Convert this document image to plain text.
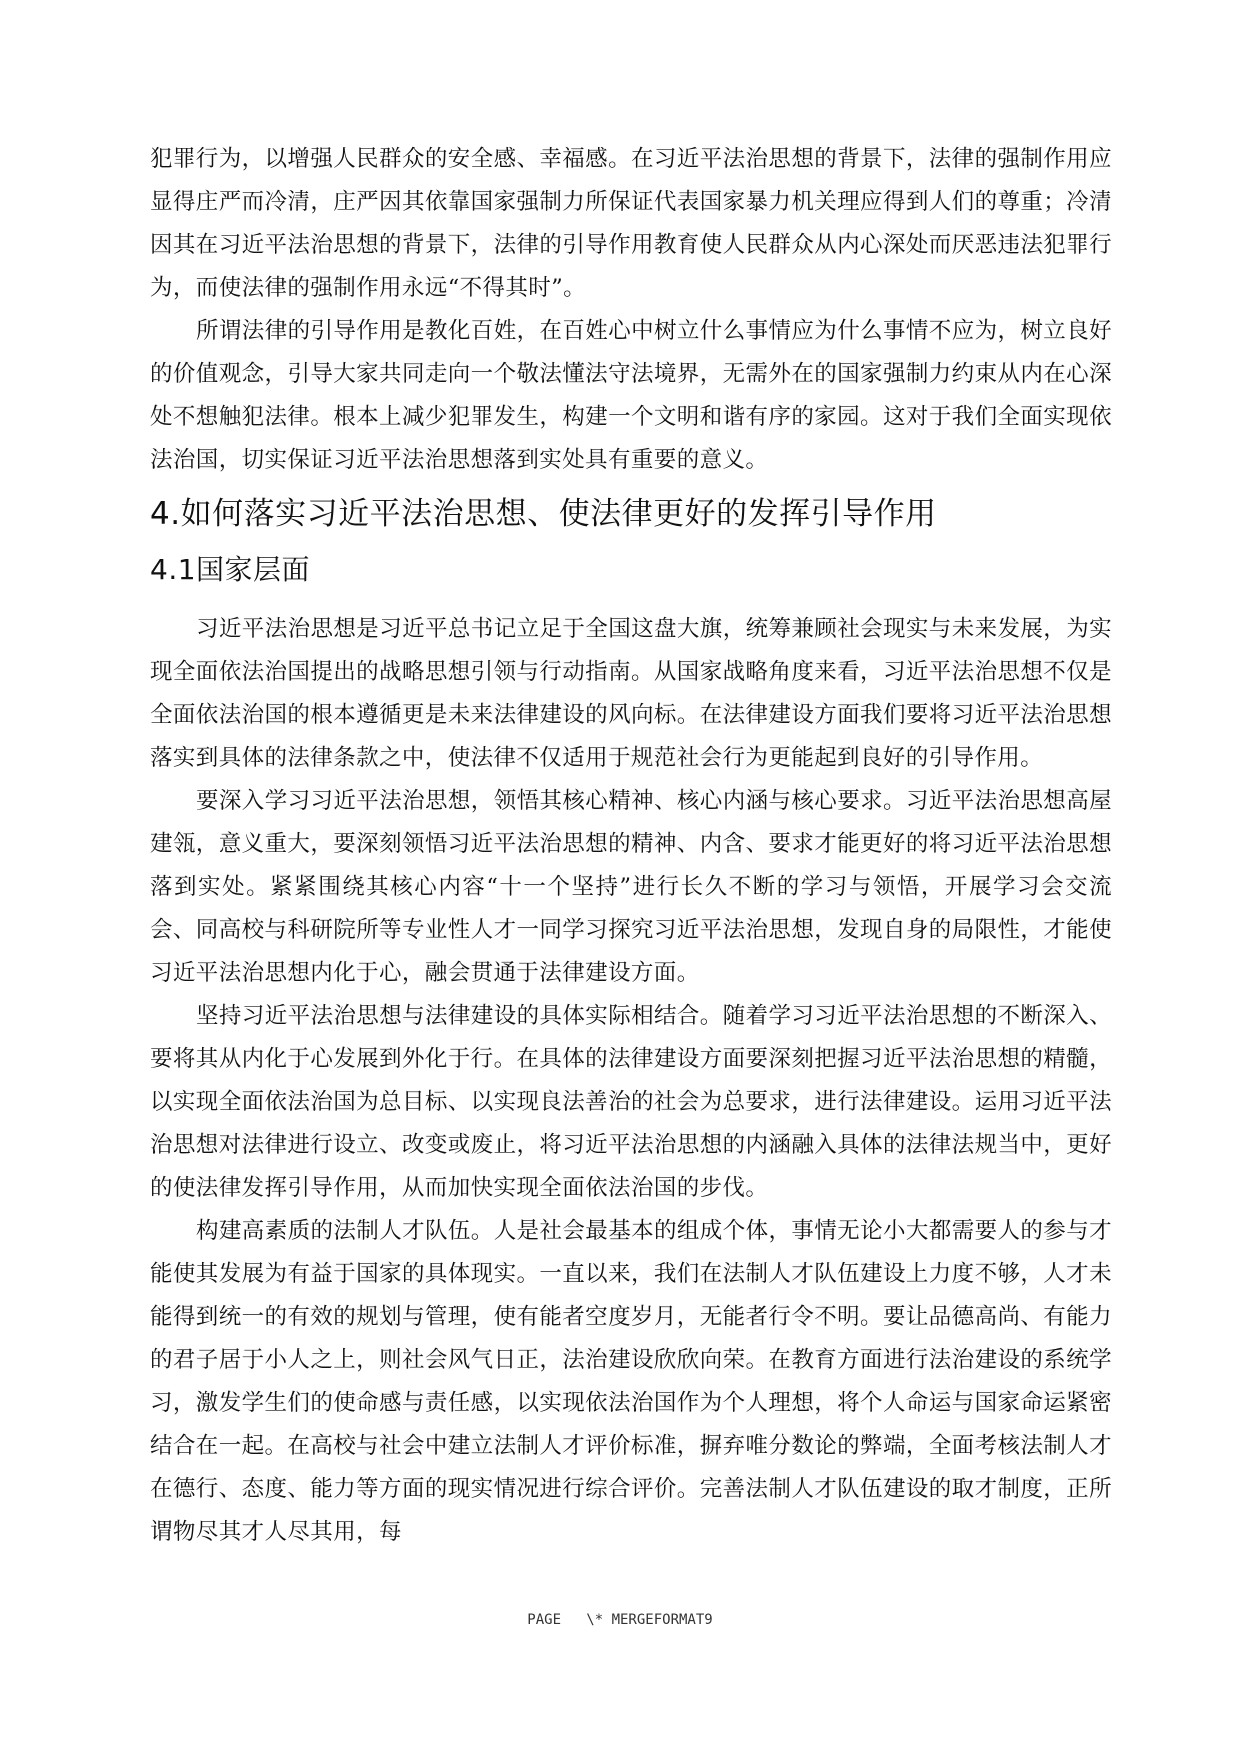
犯罪行为，以增强人民群众的安全感、幸福感。在习近平法治思想的背景下，法律的强制作用应显得庄严而冷清，庄严因其依靠国家强制力所保证代表国家暴力机关理应得到人们的尊重；冷清因其在习近平法治思想的背景下，法律的引导作用教育使人民群众从内心深处而厌恶违法犯罪行为，而使法律的强制作用永远“不得其时”。

所谓法律的引导作用是教化百姓，在百姓心中树立什么事情应为什么事情不应为，树立良好的价值观念，引导大家共同走向一个敬法懂法守法境界，无需外在的国家强制力约束从内在心深处不想触犯法律。根本上减少犯罪发生，构建一个文明和谐有序的家园。这对于我们全面实现依法治国，切实保证习近平法治思想落到实处具有重要的意义。

4.如何落实习近平法治思想、使法律更好的发挥引导作用
4.1国家层面

习近平法治思想是习近平总书记立足于全国这盘大旗，统筹兼顾社会现实与未来发展，为实现全面依法治国提出的战略思想引领与行动指南。从国家战略角度来看，习近平法治思想不仅是全面依法治国的根本遵循更是未来法律建设的风向标。在法律建设方面我们要将习近平法治思想落实到具体的法律条款之中，使法律不仅适用于规范社会行为更能起到良好的引导作用。

要深入学习习近平法治思想，领悟其核心精神、核心内涵与核心要求。习近平法治思想高屋建瓴，意义重大，要深刻领悟习近平法治思想的精神、内含、要求才能更好的将习近平法治思想落到实处。紧紧围绕其核心内容“十一个坚持”进行长久不断的学习与领悟，开展学习会交流会、同高校与科研院所等专业性人才一同学习探究习近平法治思想，发现自身的局限性，才能使习近平法治思想内化于心，融会贯通于法律建设方面。

坚持习近平法治思想与法律建设的具体实际相结合。随着学习习近平法治思想的不断深入、要将其从内化于心发展到外化于行。在具体的法律建设方面要深刻把握习近平法治思想的精髓，以实现全面依法治国为总目标、以实现良法善治的社会为总要求，进行法律建设。运用习近平法治思想对法律进行设立、改变或废止，将习近平法治思想的内涵融入具体的法律法规当中，更好的使法律发挥引导作用，从而加快实现全面依法治国的步伐。

构建高素质的法制人才队伍。人是社会最基本的组成个体，事情无论小大都需要人的参与才能使其发展为有益于国家的具体现实。一直以来，我们在法制人才队伍建设上力度不够，人才未能得到统一的有效的规划与管理，使有能者空度岁月，无能者行令不明。要让品德高尚、有能力的君子居于小人之上，则社会风气日正，法治建设欣欣向荣。在教育方面进行法治建设的系统学习，激发学生们的使命感与责任感，以实现依法治国作为个人理想，将个人命运与国家命运紧密结合在一起。在高校与社会中建立法制人才评价标准，摒弃唯分数论的弊端，全面考核法制人才在德行、态度、能力等方面的现实情况进行综合评价。完善法制人才队伍建设的取才制度，正所谓物尽其才人尽其用，每

PAGE   \* MERGEFORMAT9
